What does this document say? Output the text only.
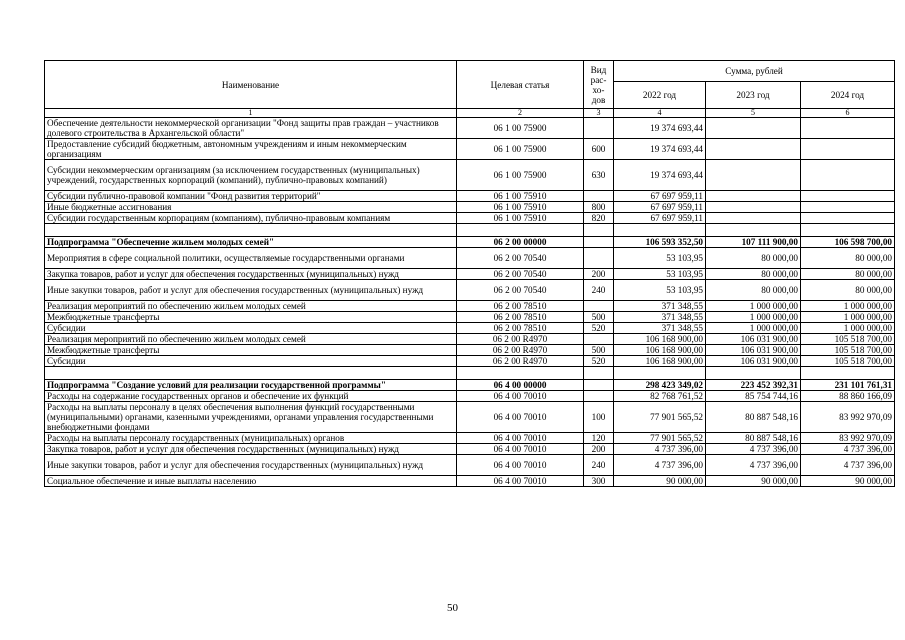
Наименование	Целевая статья	Вид
рас-
хо-
дов	Сумма, рублей		
			2022 год	2023 год	2024 год
1	2	3	4	5	6
Обеспечение деятельности некоммерческой организации "Фонд защиты прав граждан – участников долевого строительства в Архангельской области"	06 1 00 75900		19 374 693,44		
Предоставление субсидий бюджетным, автономным учреждениям и иным некоммерческим организациям	06 1 00 75900	600	19 374 693,44		
Субсидии некоммерческим организациям (за исключением государственных (муниципальных) учреждений, государственных корпораций (компаний), публично-правовых компаний)	06 1 00 75900	630	19 374 693,44		
Субсидии публично-правовой компании "Фонд развития территорий"	06 1 00 75910		67 697 959,11		
Иные бюджетные ассигнования	06 1 00 75910	800	67 697 959,11		
Субсидии государственным корпорациям (компаниям), публично-правовым компаниям	06 1 00 75910	820	67 697 959,11		

Подпрограмма "Обеспечение жильем молодых семей"	06 2 00 00000		106 593 352,50	107 111 900,00	106 598 700,00
Мероприятия в сфере социальной политики, осуществляемые государственными органами	06 2 00 70540		53 103,95	80 000,00	80 000,00
Закупка товаров, работ и услуг для обеспечения государственных (муниципальных) нужд	06 2 00 70540	200	53 103,95	80 000,00	80 000,00
Иные закупки товаров, работ и услуг для обеспечения государственных (муниципальных) нужд	06 2 00 70540	240	53 103,95	80 000,00	80 000,00
Реализация мероприятий по обеспечению жильем молодых семей	06 2 00 78510		371 348,55	1 000 000,00	1 000 000,00
Межбюджетные трансферты	06 2 00 78510	500	371 348,55	1 000 000,00	1 000 000,00
Субсидии	06 2 00 78510	520	371 348,55	1 000 000,00	1 000 000,00
Реализация мероприятий по обеспечению жильем молодых семей	06 2 00 R4970		106 168 900,00	106 031 900,00	105 518 700,00
Межбюджетные трансферты	06 2 00 R4970	500	106 168 900,00	106 031 900,00	105 518 700,00
Субсидии	06 2 00 R4970	520	106 168 900,00	106 031 900,00	105 518 700,00

Подпрограмма "Создание условий для реализации государственной программы"	06 4 00 00000		298 423 349,02	223 452 392,31	231 101 761,31
Расходы на содержание государственных органов и обеспечение их функций	06 4 00 70010		82 768 761,52	85 754 744,16	88 860 166,09
Расходы на выплаты персоналу в целях обеспечения выполнения функций государственными (муниципальными) органами, казенными учреждениями, органами управления государственными внебюджетными фондами	06 4 00 70010	100	77 901 565,52	80 887 548,16	83 992 970,09
Расходы на выплаты персоналу государственных (муниципальных) органов	06 4 00 70010	120	77 901 565,52	80 887 548,16	83 992 970,09
Закупка товаров, работ и услуг для обеспечения государственных (муниципальных) нужд	06 4 00 70010	200	4 737 396,00	4 737 396,00	4 737 396,00
Иные закупки товаров, работ и услуг для обеспечения государственных (муниципальных) нужд	06 4 00 70010	240	4 737 396,00	4 737 396,00	4 737 396,00
Социальное обеспечение и иные выплаты населению	06 4 00 70010	300	90 000,00	90 000,00	90 000,00
50
